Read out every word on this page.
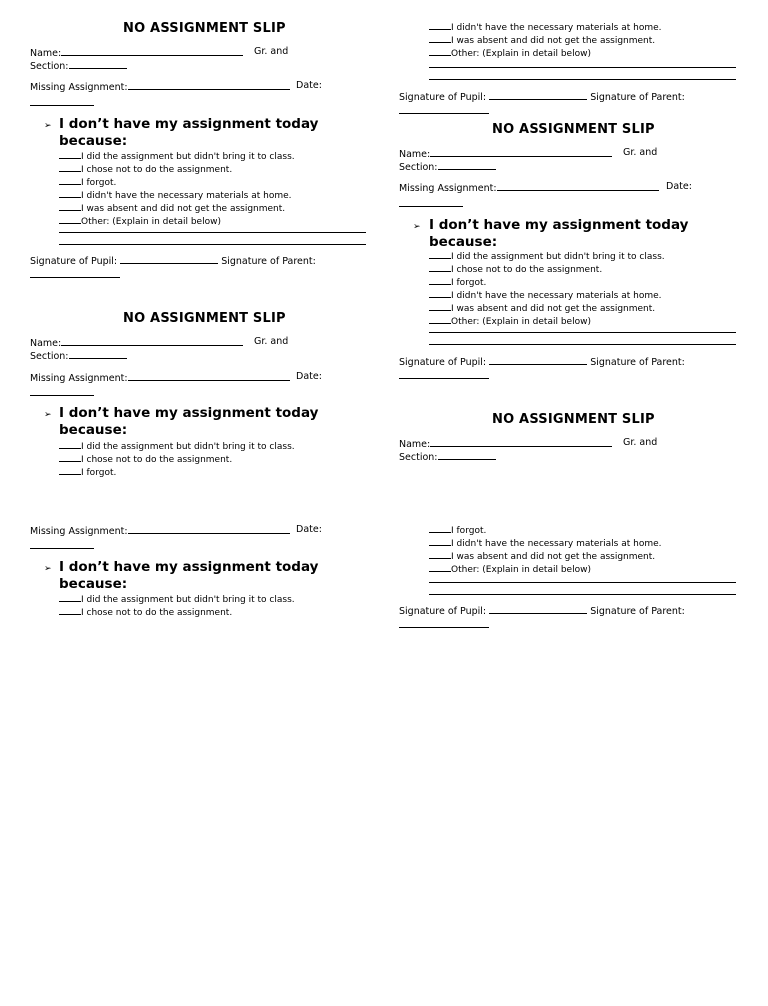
NO ASSIGNMENT SLIP
Name:	Gr. and
Section:
Missing Assignment:	Date:
➢ I don’t have my assignment today
because:
I did the assignment but didn't bring it to class.
I chose not to do the assignment.
I forgot.
I didn't have the necessary materials at home.
I was absent and did not get the assignment.
Other: (Explain in detail below)
Signature of Pupil:	Signature of Parent:
NO ASSIGNMENT SLIP
Name:	Gr. and
Section:
Missing Assignment:	Date:
➢ I don’t have my assignment today
because:
I did the assignment but didn't bring it to class.
I chose not to do the assignment.
I forgot.
Missing Assignment:	Date:
➢ I don’t have my assignment today
because:
I did the assignment but didn't bring it to class.
I chose not to do the assignment.
I didn't have the necessary materials at home.
I was absent and did not get the assignment.
Other: (Explain in detail below)
Signature of Pupil:	Signature of Parent:
NO ASSIGNMENT SLIP
Name:	Gr. and
Section:
Missing Assignment:	Date:
➢ I don’t have my assignment today
because:
I did the assignment but didn't bring it to class.
I chose not to do the assignment.
I forgot.
I didn't have the necessary materials at home.
I was absent and did not get the assignment.
Other: (Explain in detail below)
Signature of Pupil:	Signature of Parent:
NO ASSIGNMENT SLIP
Name:	Gr. and
Section:
I forgot.
I didn't have the necessary materials at home.
I was absent and did not get the assignment.
Other: (Explain in detail below)
Signature of Pupil:	Signature of Parent:
